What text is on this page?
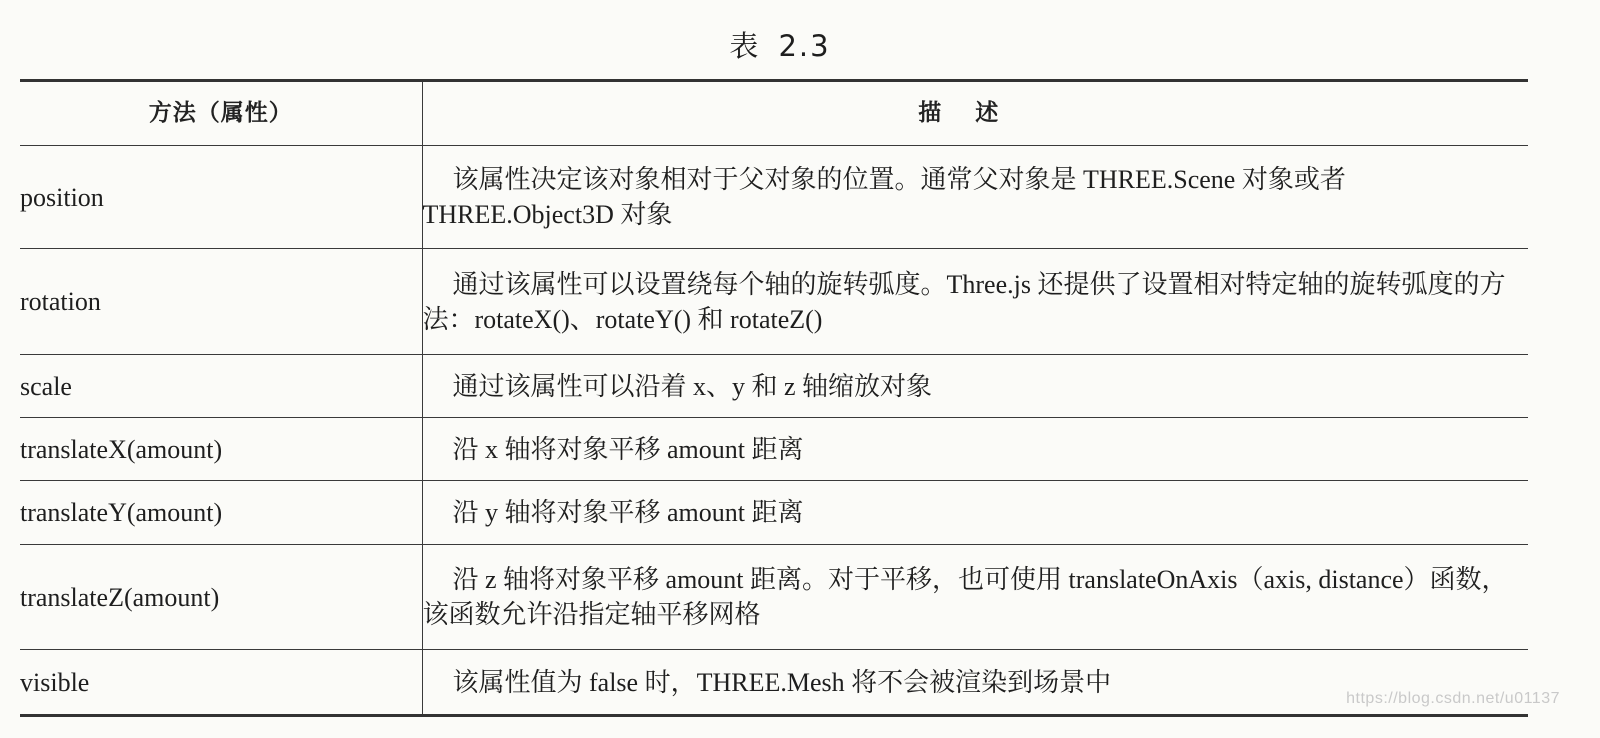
表 2.3
方法（属性）	描述
position	该属性决定该对象相对于父对象的位置。通常父对象是 THREE.Scene 对象或者 THREE.Object3D 对象
rotation	通过该属性可以设置绕每个轴的旋转弧度。Three.js 还提供了设置相对特定轴的旋转弧度的方法：rotateX()、rotateY() 和 rotateZ()
scale	通过该属性可以沿着 x、y 和 z 轴缩放对象
translateX(amount)	沿 x 轴将对象平移 amount 距离
translateY(amount)	沿 y 轴将对象平移 amount 距离
translateZ(amount)	沿 z 轴将对象平移 amount 距离。对于平移，也可使用 translateOnAxis（axis, distance）函数，该函数允许沿指定轴平移网格
visible	该属性值为 false 时，THREE.Mesh 将不会被渲染到场景中
https://blog.csdn.net/u01137
